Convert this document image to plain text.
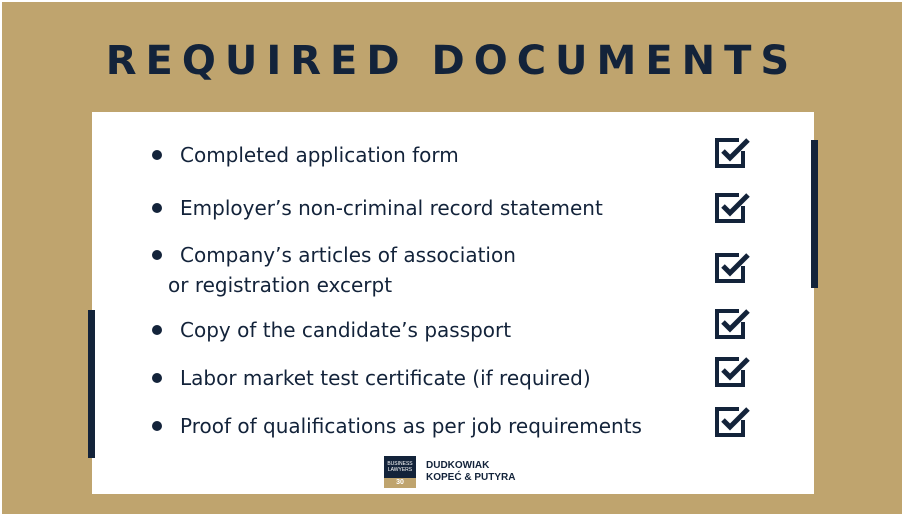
REQUIRED DOCUMENTS
Completed application form
Employer’s non-criminal record statement
Company’s articles of association
or registration excerpt
Copy of the candidate’s passport
Labor market test certificate (if required)
Proof of qualifications as per job requirements
BUSINESS
LAWYERS
30 YEARS
DUDKOWIAK
KOPEĆ & PUTYRA
